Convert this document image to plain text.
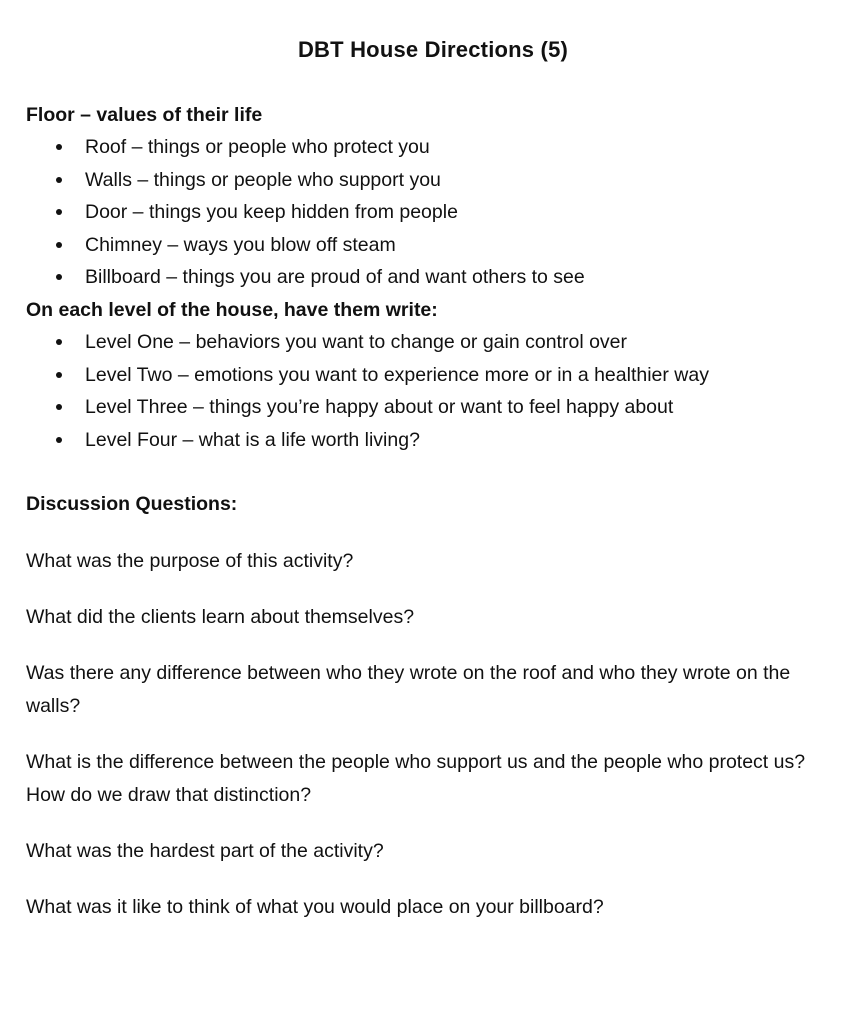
DBT House Directions (5)
Floor – values of their life
Roof – things or people who protect you
Walls – things or people who support you
Door – things you keep hidden from people
Chimney – ways you blow off steam
Billboard – things you are proud of and want others to see
On each level of the house, have them write:
Level One – behaviors you want to change or gain control over
Level Two – emotions you want to experience more or in a healthier way
Level Three – things you’re happy about or want to feel happy about
Level Four – what is a life worth living?
Discussion Questions:

What was the purpose of this activity?

What did the clients learn about themselves?

Was there any difference between who they wrote on the roof and who they wrote on the walls?

What is the difference between the people who support us and the people who protect us? How do we draw that distinction?

What was the hardest part of the activity?

What was it like to think of what you would place on your billboard?
